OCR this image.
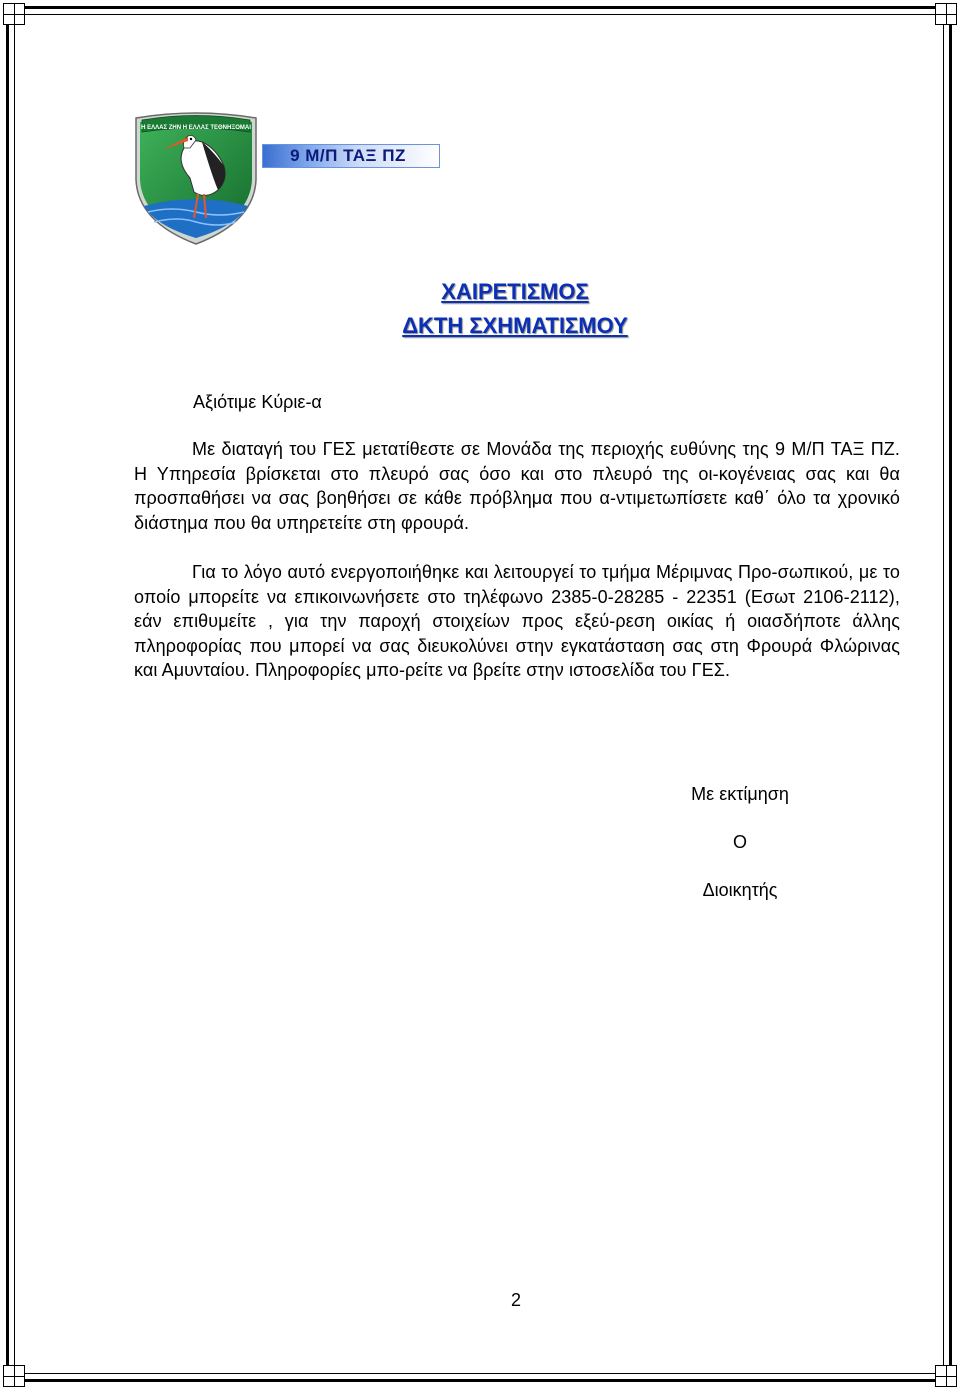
Η ΕΛΛΑΣ ΖΗΝ Η ΕΛΛΑΣ ΤΕΘΝΗΞΟΜΑΙ
9 Μ/Π ΤΑΞ ΠΖ
ΧΑΙΡΕΤΙΣΜΟΣ
ΔΚΤΗ ΣΧΗΜΑΤΙΣΜΟΥ
Αξιότιμε Κύριε-α
Με διαταγή του ΓΕΣ μετατίθεστε σε Μονάδα της περιοχής ευθύνης της 9 Μ/Π ΤΑΞ ΠΖ. Η Υπηρεσία βρίσκεται στο πλευρό σας όσο και στο πλευρό της οι-κογένειας σας και θα προσπαθήσει να σας βοηθήσει σε κάθε πρόβλημα που α-ντιμετωπίσετε καθ΄ όλο τα χρονικό διάστημα που θα υπηρετείτε στη φρουρά.
Για το λόγο αυτό ενεργοποιήθηκε και λειτουργεί το τμήμα Μέριμνας Προ-σωπικού, με το οποίο μπορείτε να επικοινωνήσετε στο τηλέφωνο 2385-0-28285 - 22351 (Εσωτ 2106-2112), εάν επιθυμείτε , για την παροχή στοιχείων προς εξεύ-ρεση οικίας ή οιασδήποτε άλλης πληροφορίας που μπορεί να σας διευκολύνει στην εγκατάσταση σας στη Φρουρά Φλώρινας και Αμυνταίου. Πληροφορίες μπο-ρείτε να βρείτε στην ιστοσελίδα του ΓΕΣ.
Με εκτίμηση
Ο
Διοικητής
2
